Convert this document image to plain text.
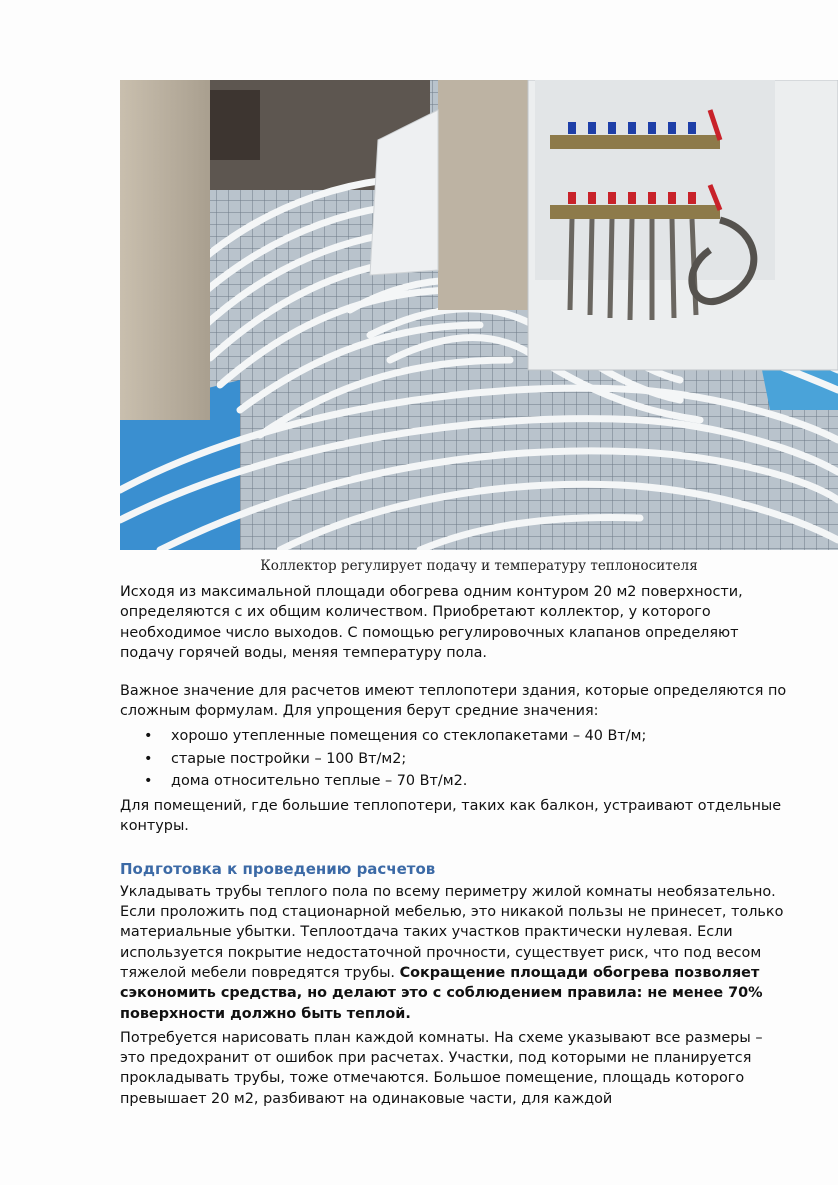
Коллектор регулирует подачу и температуру теплоносителя

Исходя из максимальной площади обогрева одним контуром 20 м2 поверхности, определяются с их общим количеством. Приобретают коллектор, у которого необходимое число выходов. С помощью регулировочных клапанов определяют подачу горячей воды, меняя температуру пола.

Важное значение для расчетов имеют теплопотери здания, которые определяются по сложным формулам. Для упрощения берут средние значения:

• хорошо утепленные помещения со стеклопакетами – 40 Вт/м;
• старые постройки – 100 Вт/м2;
• дома относительно теплые – 70 Вт/м2.

Для помещений, где большие теплопотери, таких как балкон, устраивают отдельные контуры.

Подготовка к проведению расчетов

Укладывать трубы теплого пола по всему периметру жилой комнаты необязательно. Если проложить под стационарной мебелью, это никакой пользы не принесет, только материальные убытки. Теплоотдача таких участков практически нулевая. Если используется покрытие недостаточной прочности, существует риск, что под весом тяжелой мебели повредятся трубы. Сокращение площади обогрева позволяет сэкономить средства, но делают это с соблюдением правила: не менее 70% поверхности должно быть теплой.

Потребуется нарисовать план каждой комнаты. На схеме указывают все размеры – это предохранит от ошибок при расчетах. Участки, под которыми не планируется прокладывать трубы, тоже отмечаются. Большое помещение, площадь которого превышает 20 м2, разбивают на одинаковые части, для каждой
